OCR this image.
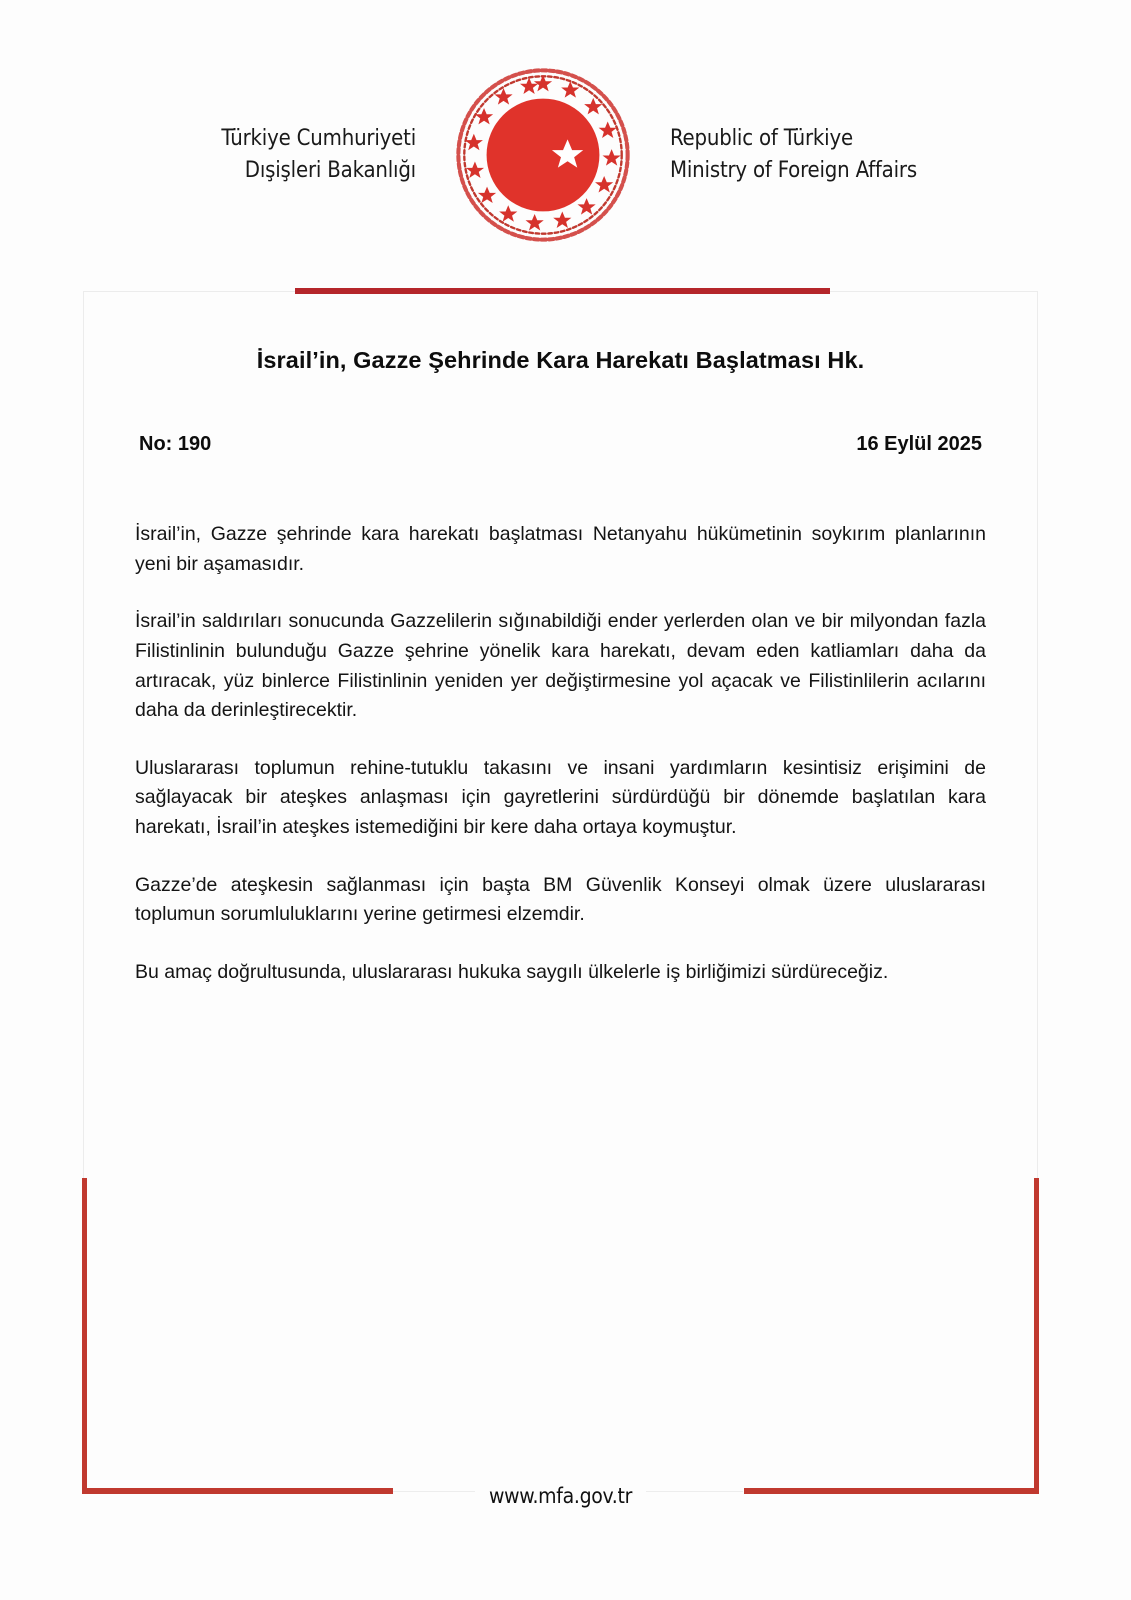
Türkiye Cumhuriyeti
Dışişleri Bakanlığı
Republic of Türkiye
Ministry of Foreign Affairs
www.mfa.gov.tr
İsrail’in, Gazze Şehrinde Kara Harekatı Başlatması Hk.
No: 190	16 Eylül 2025

İsrail’in, Gazze şehrinde kara harekatı başlatması Netanyahu hükümetinin soykırım planlarının yeni bir aşamasıdır.

İsrail’in saldırıları sonucunda Gazzelilerin sığınabildiği ender yerlerden olan ve bir milyondan fazla Filistinlinin bulunduğu Gazze şehrine yönelik kara harekatı, devam eden katliamları daha da artıracak, yüz binlerce Filistinlinin yeniden yer değiştirmesine yol açacak ve Filistinlilerin acılarını daha da derinleştirecektir.

Uluslararası toplumun rehine-tutuklu takasını ve insani yardımların kesintisiz erişimini de sağlayacak bir ateşkes anlaşması için gayretlerini sürdürdüğü bir dönemde başlatılan kara harekatı, İsrail’in ateşkes istemediğini bir kere daha ortaya koymuştur.

Gazze’de ateşkesin sağlanması için başta BM Güvenlik Konseyi olmak üzere uluslararası toplumun sorumluluklarını yerine getirmesi elzemdir.

Bu amaç doğrultusunda, uluslararası hukuka saygılı ülkelerle iş birliğimizi sürdüreceğiz.
